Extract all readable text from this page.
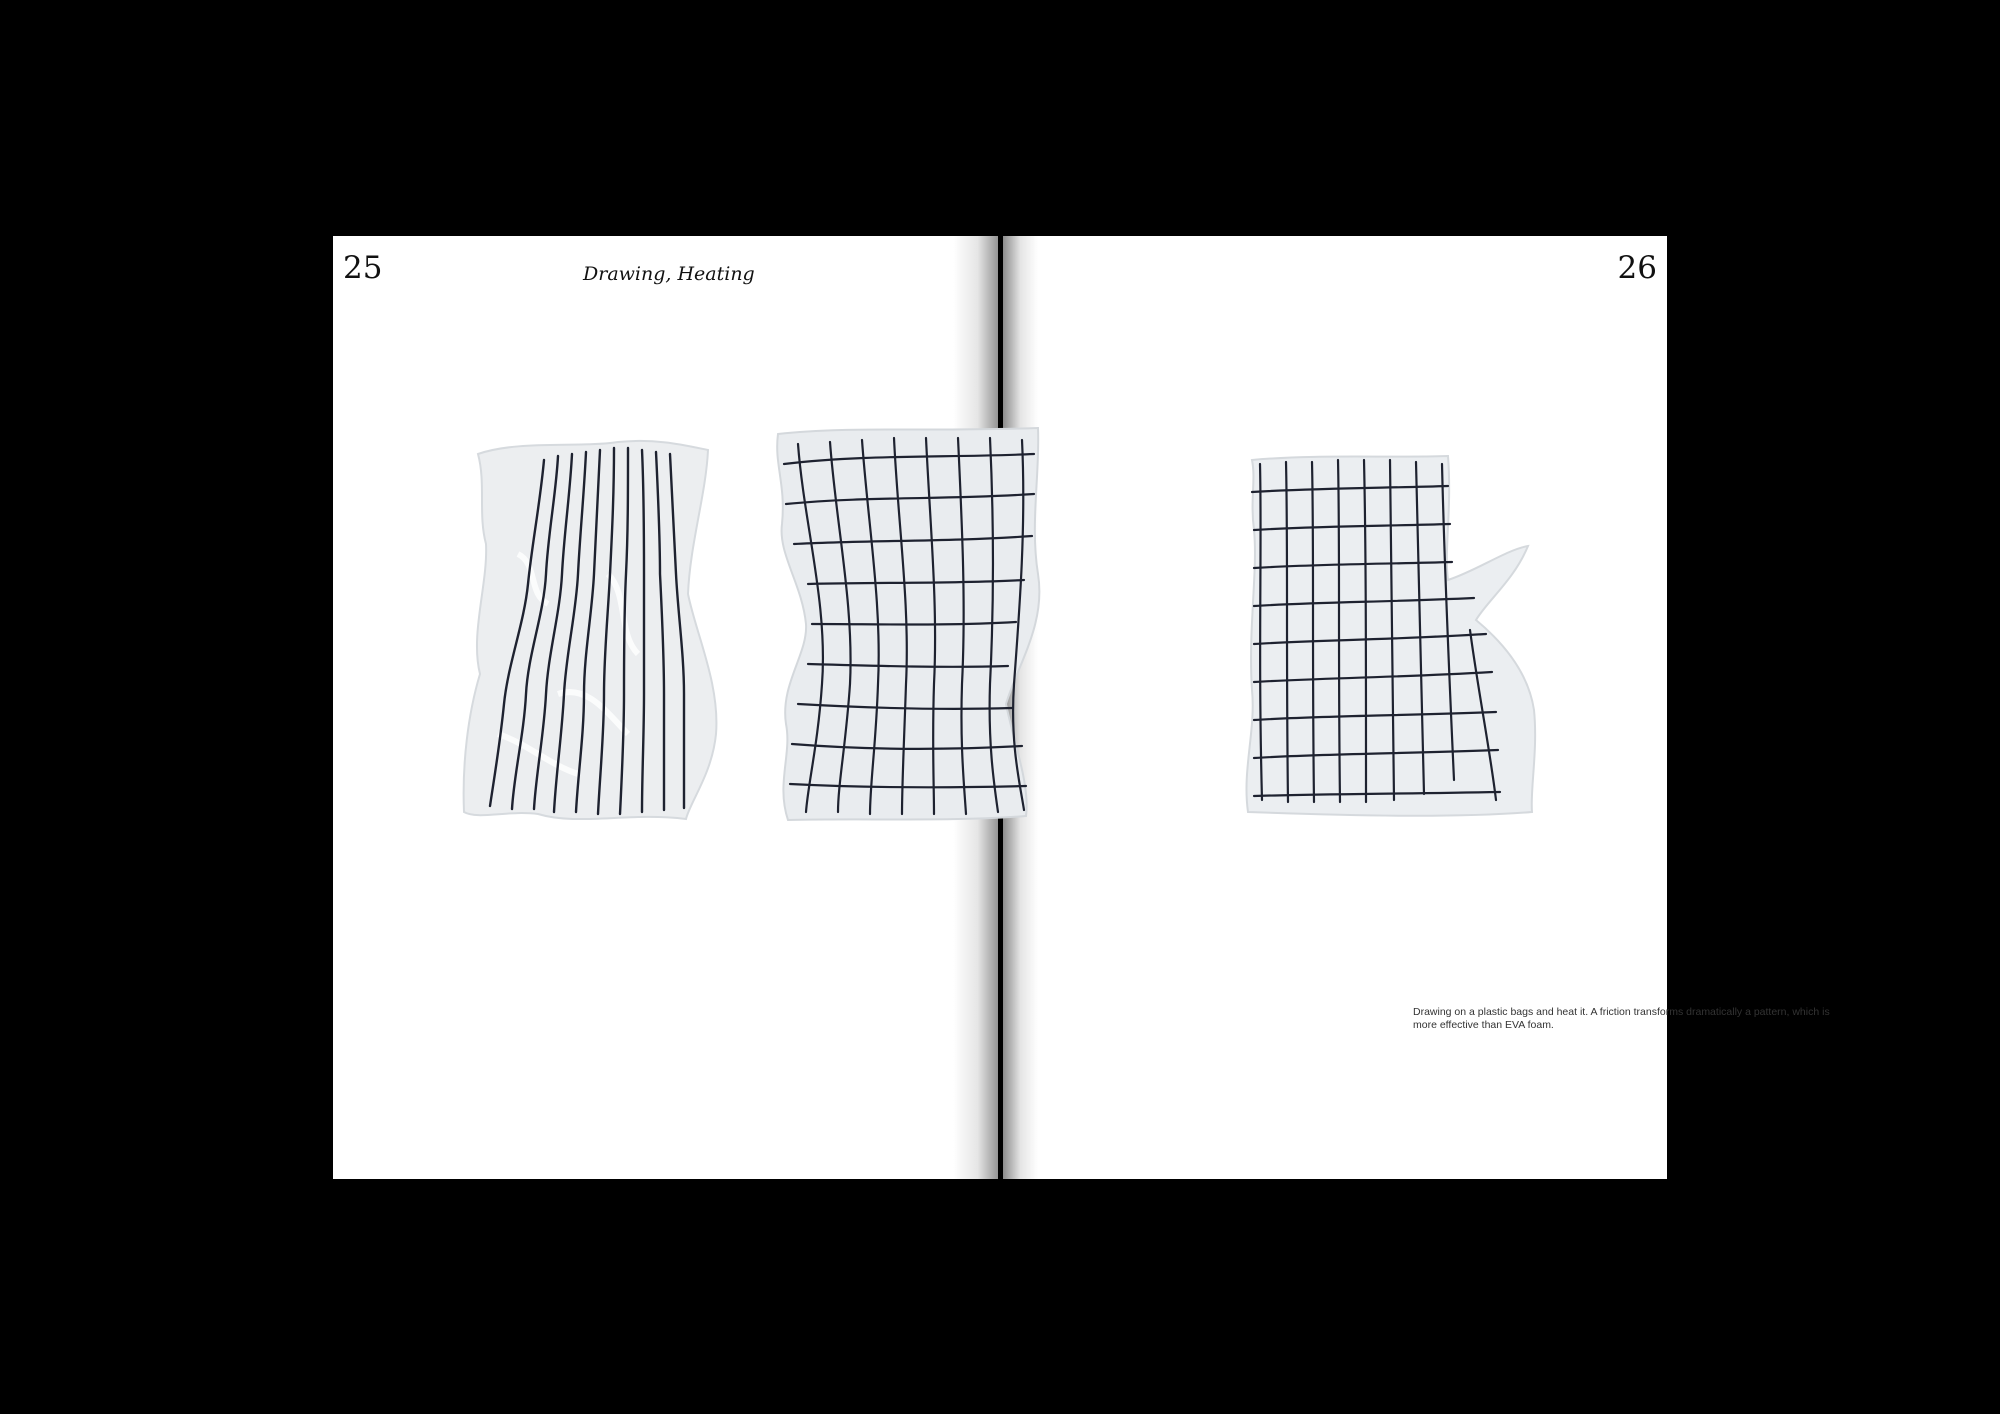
25	Drawing, Heating	26
Drawing on a plastic bags and heat it. A friction transforms dramatically a pattern, which is more effective than EVA foam.
